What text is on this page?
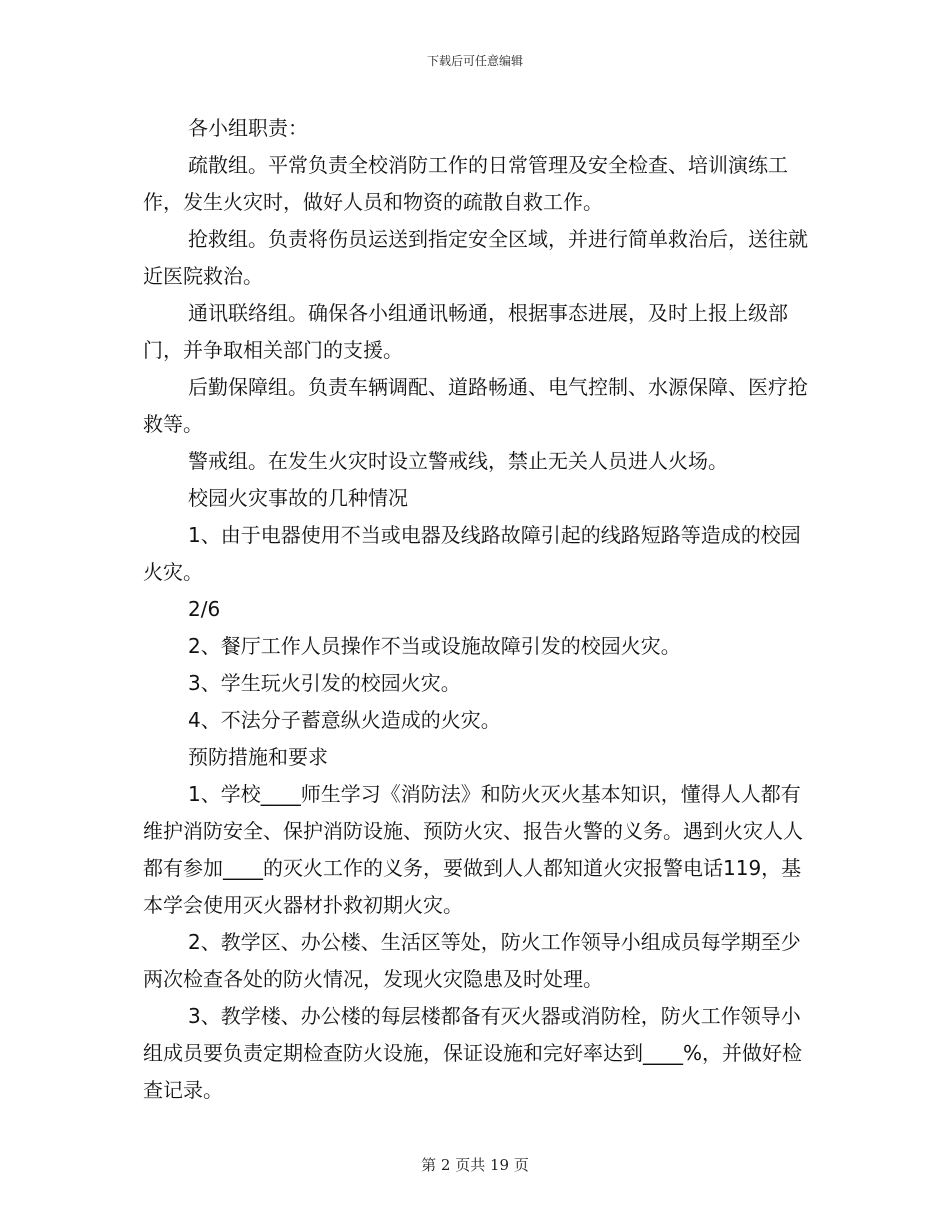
下载后可任意编辑

各小组职责：

疏散组。平常负责全校消防工作的日常管理及安全检查、培训演练工作，发生火灾时，做好人员和物资的疏散自救工作。

抢救组。负责将伤员运送到指定安全区域，并进行简单救治后，送往就近医院救治。

通讯联络组。确保各小组通讯畅通，根据事态进展，及时上报上级部门，并争取相关部门的支援。

后勤保障组。负责车辆调配、道路畅通、电气控制、水源保障、医疗抢救等。

警戒组。在发生火灾时设立警戒线，禁止无关人员进人火场。

校园火灾事故的几种情况

1、由于电器使用不当或电器及线路故障引起的线路短路等造成的校园火灾。

2/6

2、餐厅工作人员操作不当或设施故障引发的校园火灾。

3、学生玩火引发的校园火灾。

4、不法分子蓄意纵火造成的火灾。

预防措施和要求

1、学校____师生学习《消防法》和防火灭火基本知识，懂得人人都有维护消防安全、保护消防设施、预防火灾、报告火警的义务。遇到火灾人人都有参加____的灭火工作的义务，要做到人人都知道火灾报警电话119，基本学会使用灭火器材扑救初期火灾。

2、教学区、办公楼、生活区等处，防火工作领导小组成员每学期至少两次检查各处的防火情况，发现火灾隐患及时处理。

3、教学楼、办公楼的每层楼都备有灭火器或消防栓，防火工作领导小组成员要负责定期检查防火设施，保证设施和完好率达到____%，并做好检查记录。

第 2 页共 19 页
